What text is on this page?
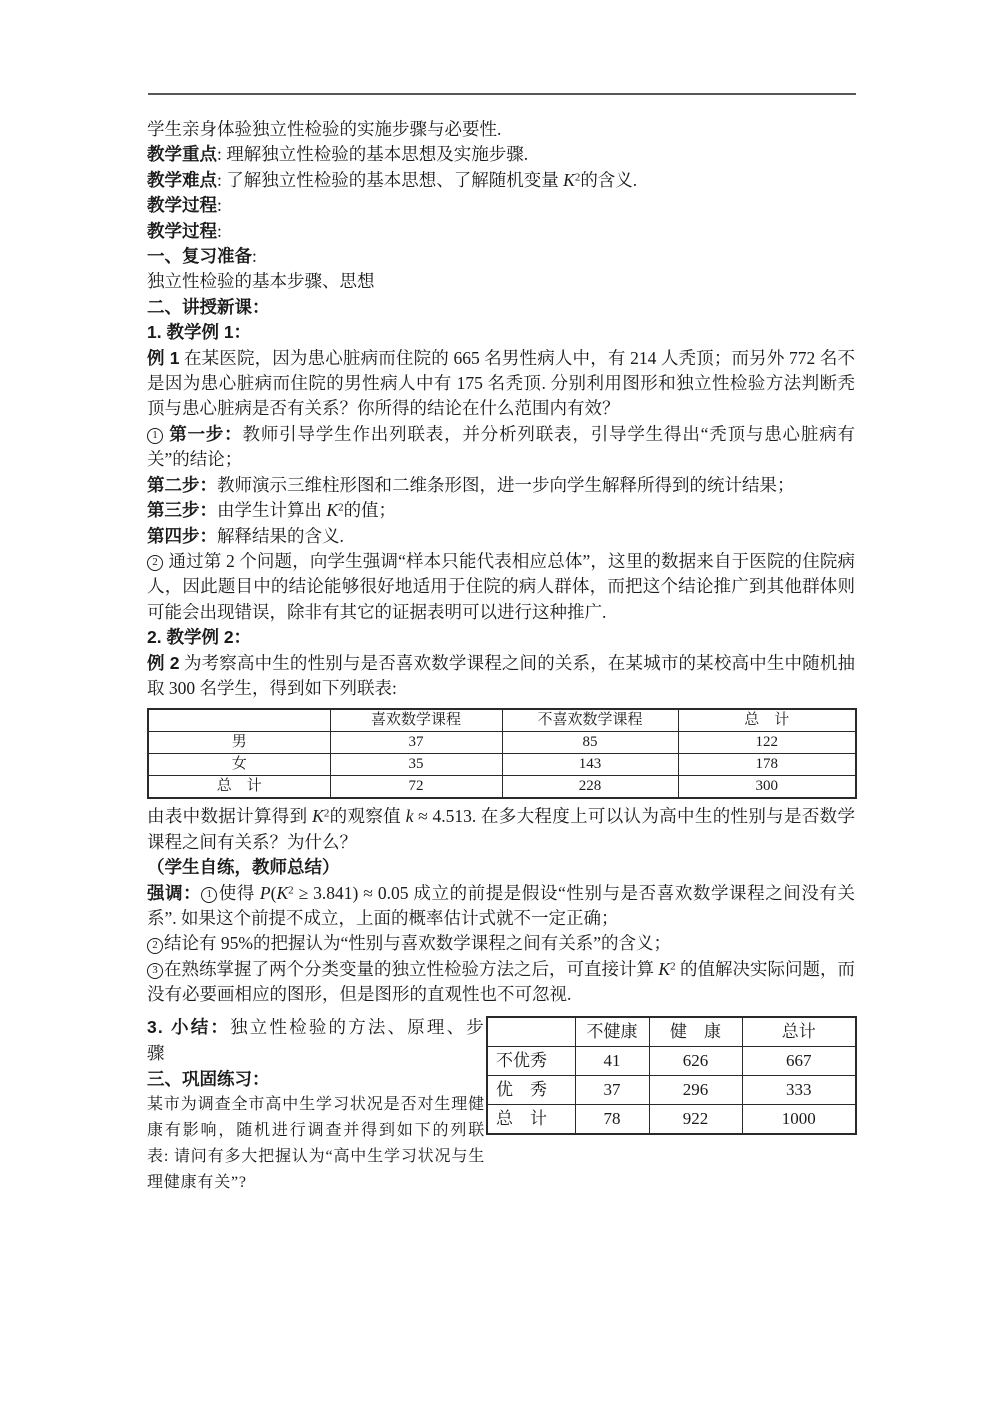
学生亲身体验独立性检验的实施步骤与必要性.

教学重点: 理解独立性检验的基本思想及实施步骤.

教学难点: 了解独立性检验的基本思想、了解随机变量 $K^2$的含义.

教学过程:

教学过程:

一、复习准备:

独立性检验的基本步骤、思想

二、讲授新课：

1. 教学例 1：

例 1 在某医院，因为患心脏病而住院的 665 名男性病人中，有 214 人秃顶；而另外 772 名不是因为患心脏病而住院的男性病人中有 175 名秃顶. 分别利用图形和独立性检验方法判断秃顶与患心脏病是否有关系？你所得的结论在什么范围内有效？

1 第一步：教师引导学生作出列联表，并分析列联表，引导学生得出“秃顶与患心脏病有关”的结论；

第二步：教师演示三维柱形图和二维条形图，进一步向学生解释所得到的统计结果；

第三步：由学生计算出 $K^2$的值；

第四步：解释结果的含义.

2 通过第 2 个问题，向学生强调“样本只能代表相应总体”，这里的数据来自于医院的住院病人，因此题目中的结论能够很好地适用于住院的病人群体，而把这个结论推广到其他群体则可能会出现错误，除非有其它的证据表明可以进行这种推广.

2. 教学例 2：

例 2 为考察高中生的性别与是否喜欢数学课程之间的关系，在某城市的某校高中生中随机抽取 300 名学生，得到如下列联表:

	喜欢数学课程	不喜欢数学课程	总　计
男	37	85	122
女	35	143	178
总　计	72	228	300

由表中数据计算得到 $K^2$的观察值 k ≈ 4.513. 在多大程度上可以认为高中生的性别与是否数学课程之间有关系？为什么？

（学生自练，教师总结）

强调： 1 使得 $P(K^2 \ge 3.841) \approx 0.05$ 成立的前提是假设“性别与是否喜欢数学课程之间没有关系”. 如果这个前提不成立，上面的概率估计式就不一定正确；

2 结论有 95%的把握认为“性别与喜欢数学课程之间有关系”的含义；

3 在熟练掌握了两个分类变量的独立性检验方法之后，可直接计算 $K^2$ 的值解决实际问题，而没有必要画相应的图形，但是图形的直观性也不可忽视.

3. 小结：独立性检验的方法、原理、步骤

三、巩固练习：

某市为调查全市高中生学习状况是否对生理健康有影响，随机进行调查并得到如下的列联表: 请问有多大把握认为“高中生学习状况与生理健康有关”?

	不健康	健　康	总计
不优秀	41	626	667
优　秀	37	296	333
总　计	78	922	1000
